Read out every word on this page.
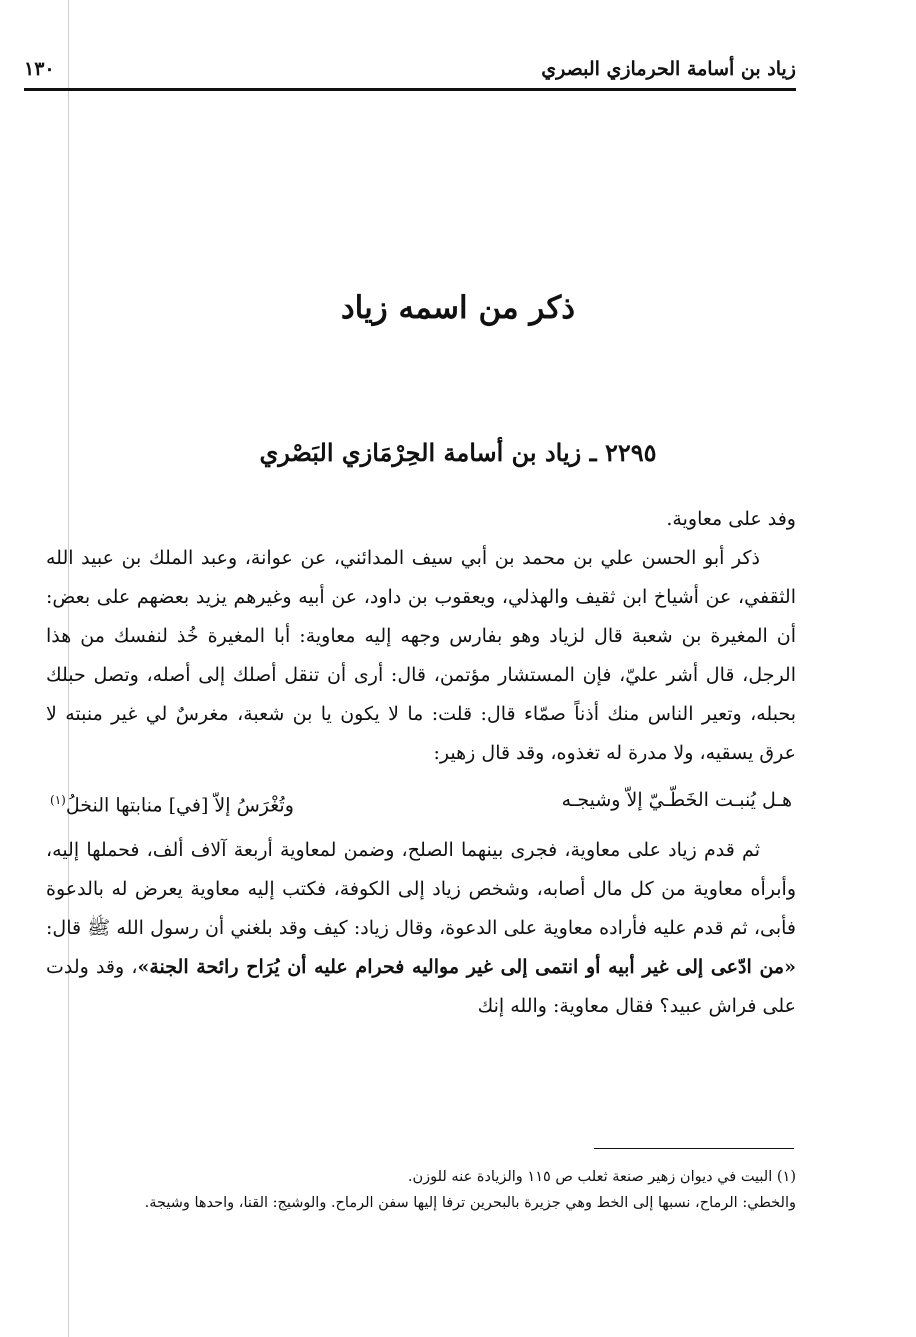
زياد بن أسامة الحرمازي البصري
١٣٠
ذكر من اسمه زياد
٢٢٩٥ ـ زياد بن أسامة الحِرْمَازي البَصْري

وفد على معاوية.

ذكر أبو الحسن علي بن محمد بن أبي سيف المدائني، عن عوانة، وعبد الملك بن عبيد الله الثقفي، عن أشياخ ابن ثقيف والهذلي، ويعقوب بن داود، عن أبيه وغيرهم يزيد بعضهم على بعض: أن المغيرة بن شعبة قال لزياد وهو بفارس وجهه إليه معاوية: أبا المغيرة خُذ لنفسك من هذا الرجل، قال أشر عليّ، فإن المستشار مؤتمن، قال: أرى أن تنقل أصلك إلى أصله، وتصل حبلك بحبله، وتعير الناس منك أذناً صمّاء قال: قلت: ما لا يكون يا بن شعبة، مغرسٌ لي غير منبته لا عرق يسقيه، ولا مدرة له تغذوه، وقد قال زهير:

هـل يُنبـت الخَطّـيّ إلاّ وشيجـه
وتُغْرَسُ إلاّ [في] منابتها النخلُ$^{(١)}$

ثم قدم زياد على معاوية، فجرى بينهما الصلح، وضمن لمعاوية أربعة آلاف ألف، فحملها إليه، وأبرأه معاوية من كل مال أصابه، وشخص زياد إلى الكوفة، فكتب إليه معاوية يعرض له بالدعوة فأبى، ثم قدم عليه فأراده معاوية على الدعوة، وقال زياد: كيف وقد بلغني أن رسول الله ﷺ قال: «من ادّعى إلى غير أبيه أو انتمى إلى غير مواليه فحرام عليه أن يُرَاح رائحة الجنة»، وقد ولدت على فراش عبيد؟ فقال معاوية: والله إنك

(١) البيت في ديوان زهير صنعة ثعلب ص ١١٥ والزيادة عنه للوزن.

والخطي: الرماح، نسبها إلى الخط وهي جزيرة بالبحرين ترفا إليها سفن الرماح. والوشيج: القنا، واحدها وشيجة.
